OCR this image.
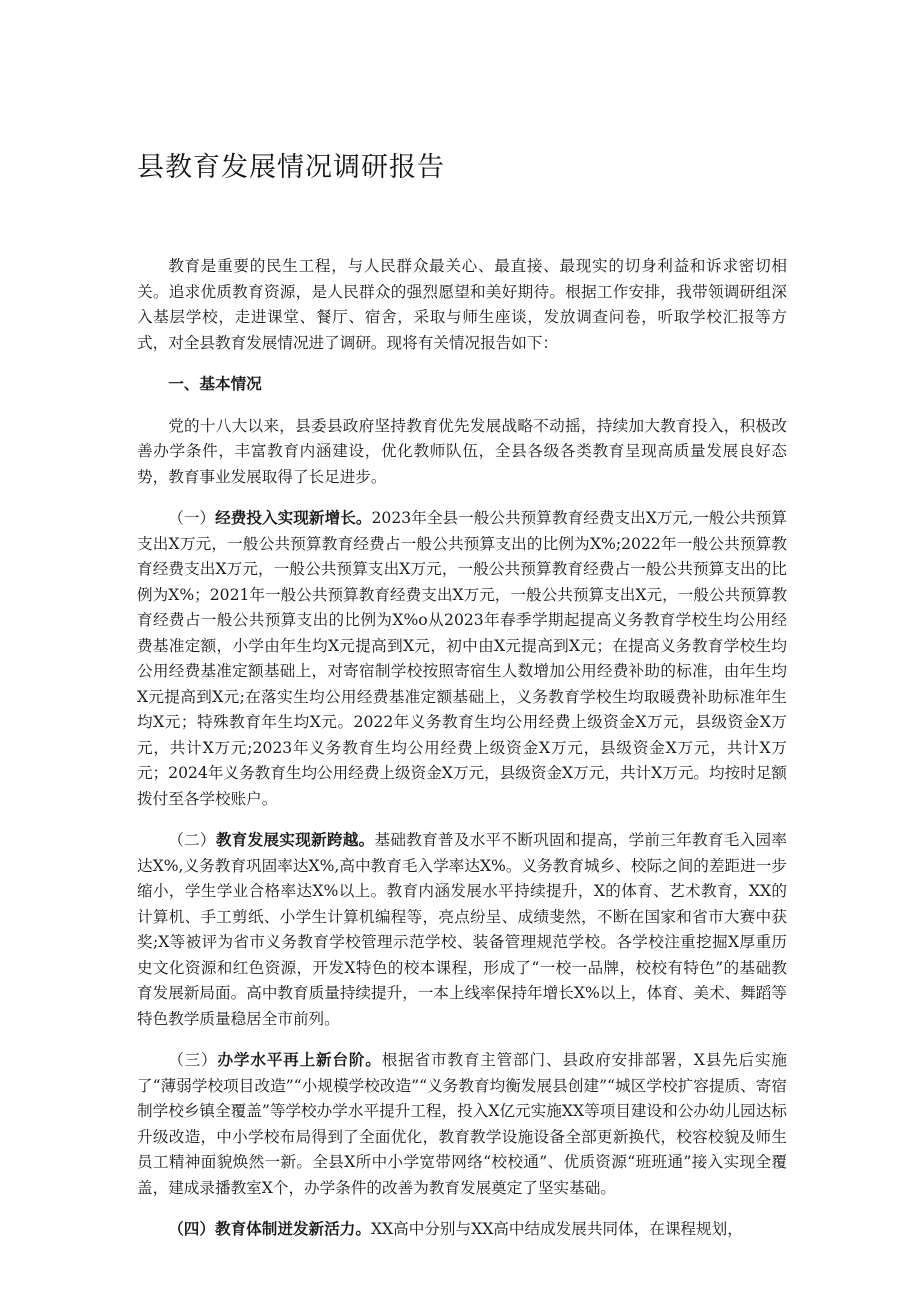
县教育发展情况调研报告

教育是重要的民生工程，与人民群众最关心、最直接、最现实的切身利益和诉求密切相关。追求优质教育资源，是人民群众的强烈愿望和美好期待。根据工作安排，我带领调研组深入基层学校，走进课堂、餐厅、宿舍，采取与师生座谈，发放调查问卷，听取学校汇报等方式，对全县教育发展情况进了调研。现将有关情况报告如下：

一、基本情况

党的十八大以来，县委县政府坚持教育优先发展战略不动摇，持续加大教育投入，积极改善办学条件，丰富教育内涵建设，优化教师队伍，全县各级各类教育呈现高质量发展良好态势，教育事业发展取得了长足进步。

（一）经费投入实现新增长。2023年全县一般公共预算教育经费支出X万元,一般公共预算支出X万元，一般公共预算教育经费占一般公共预算支出的比例为X%;2022年一般公共预算教育经费支出X万元，一般公共预算支出X万元，一般公共预算教育经费占一般公共预算支出的比例为X%；2021年一般公共预算教育经费支出X万元，一般公共预算支出X元，一般公共预算教育经费占一般公共预算支出的比例为X%o从2023年春季学期起提高义务教育学校生均公用经费基准定额，小学由年生均X元提高到X元，初中由X元提高到X元；在提高义务教育学校生均公用经费基准定额基础上，对寄宿制学校按照寄宿生人数增加公用经费补助的标准，由年生均X元提高到X元;在落实生均公用经费基准定额基础上，义务教育学校生均取暖费补助标准年生均X元；特殊教育年生均X元。2022年义务教育生均公用经费上级资金X万元，县级资金X万元，共计X万元;2023年义务教育生均公用经费上级资金X万元，县级资金X万元，共计X万元；2024年义务教育生均公用经费上级资金X万元，县级资金X万元，共计X万元。均按时足额拨付至各学校账户。

（二）教育发展实现新跨越。基础教育普及水平不断巩固和提高，学前三年教育毛入园率达X%,义务教育巩固率达X%,高中教育毛入学率达X%。义务教育城乡、校际之间的差距进一步缩小，学生学业合格率达X%以上。教育内涵发展水平持续提升，X的体育、艺术教育，XX的计算机、手工剪纸、小学生计算机编程等，亮点纷呈、成绩斐然，不断在国家和省市大赛中获奖;X等被评为省市义务教育学校管理示范学校、装备管理规范学校。各学校注重挖掘X厚重历史文化资源和红色资源，开发X特色的校本课程，形成了“一校一品牌，校校有特色”的基础教育发展新局面。高中教育质量持续提升，一本上线率保持年增长X%以上，体育、美术、舞蹈等特色教学质量稳居全市前列。

（三）办学水平再上新台阶。根据省市教育主管部门、县政府安排部署，X县先后实施了“薄弱学校项目改造”“小规模学校改造”“义务教育均衡发展县创建”“城区学校扩容提质、寄宿制学校乡镇全覆盖”等学校办学水平提升工程，投入X亿元实施XX等项目建设和公办幼儿园达标升级改造，中小学校布局得到了全面优化，教育教学设施设备全部更新换代，校容校貌及师生员工精神面貌焕然一新。全县X所中小学宽带网络“校校通”、优质资源“班班通”接入实现全覆盖，建成录播教室X个，办学条件的改善为教育发展奠定了坚实基础。

（四）教育体制迸发新活力。XX高中分别与XX高中结成发展共同体，在课程规划，
